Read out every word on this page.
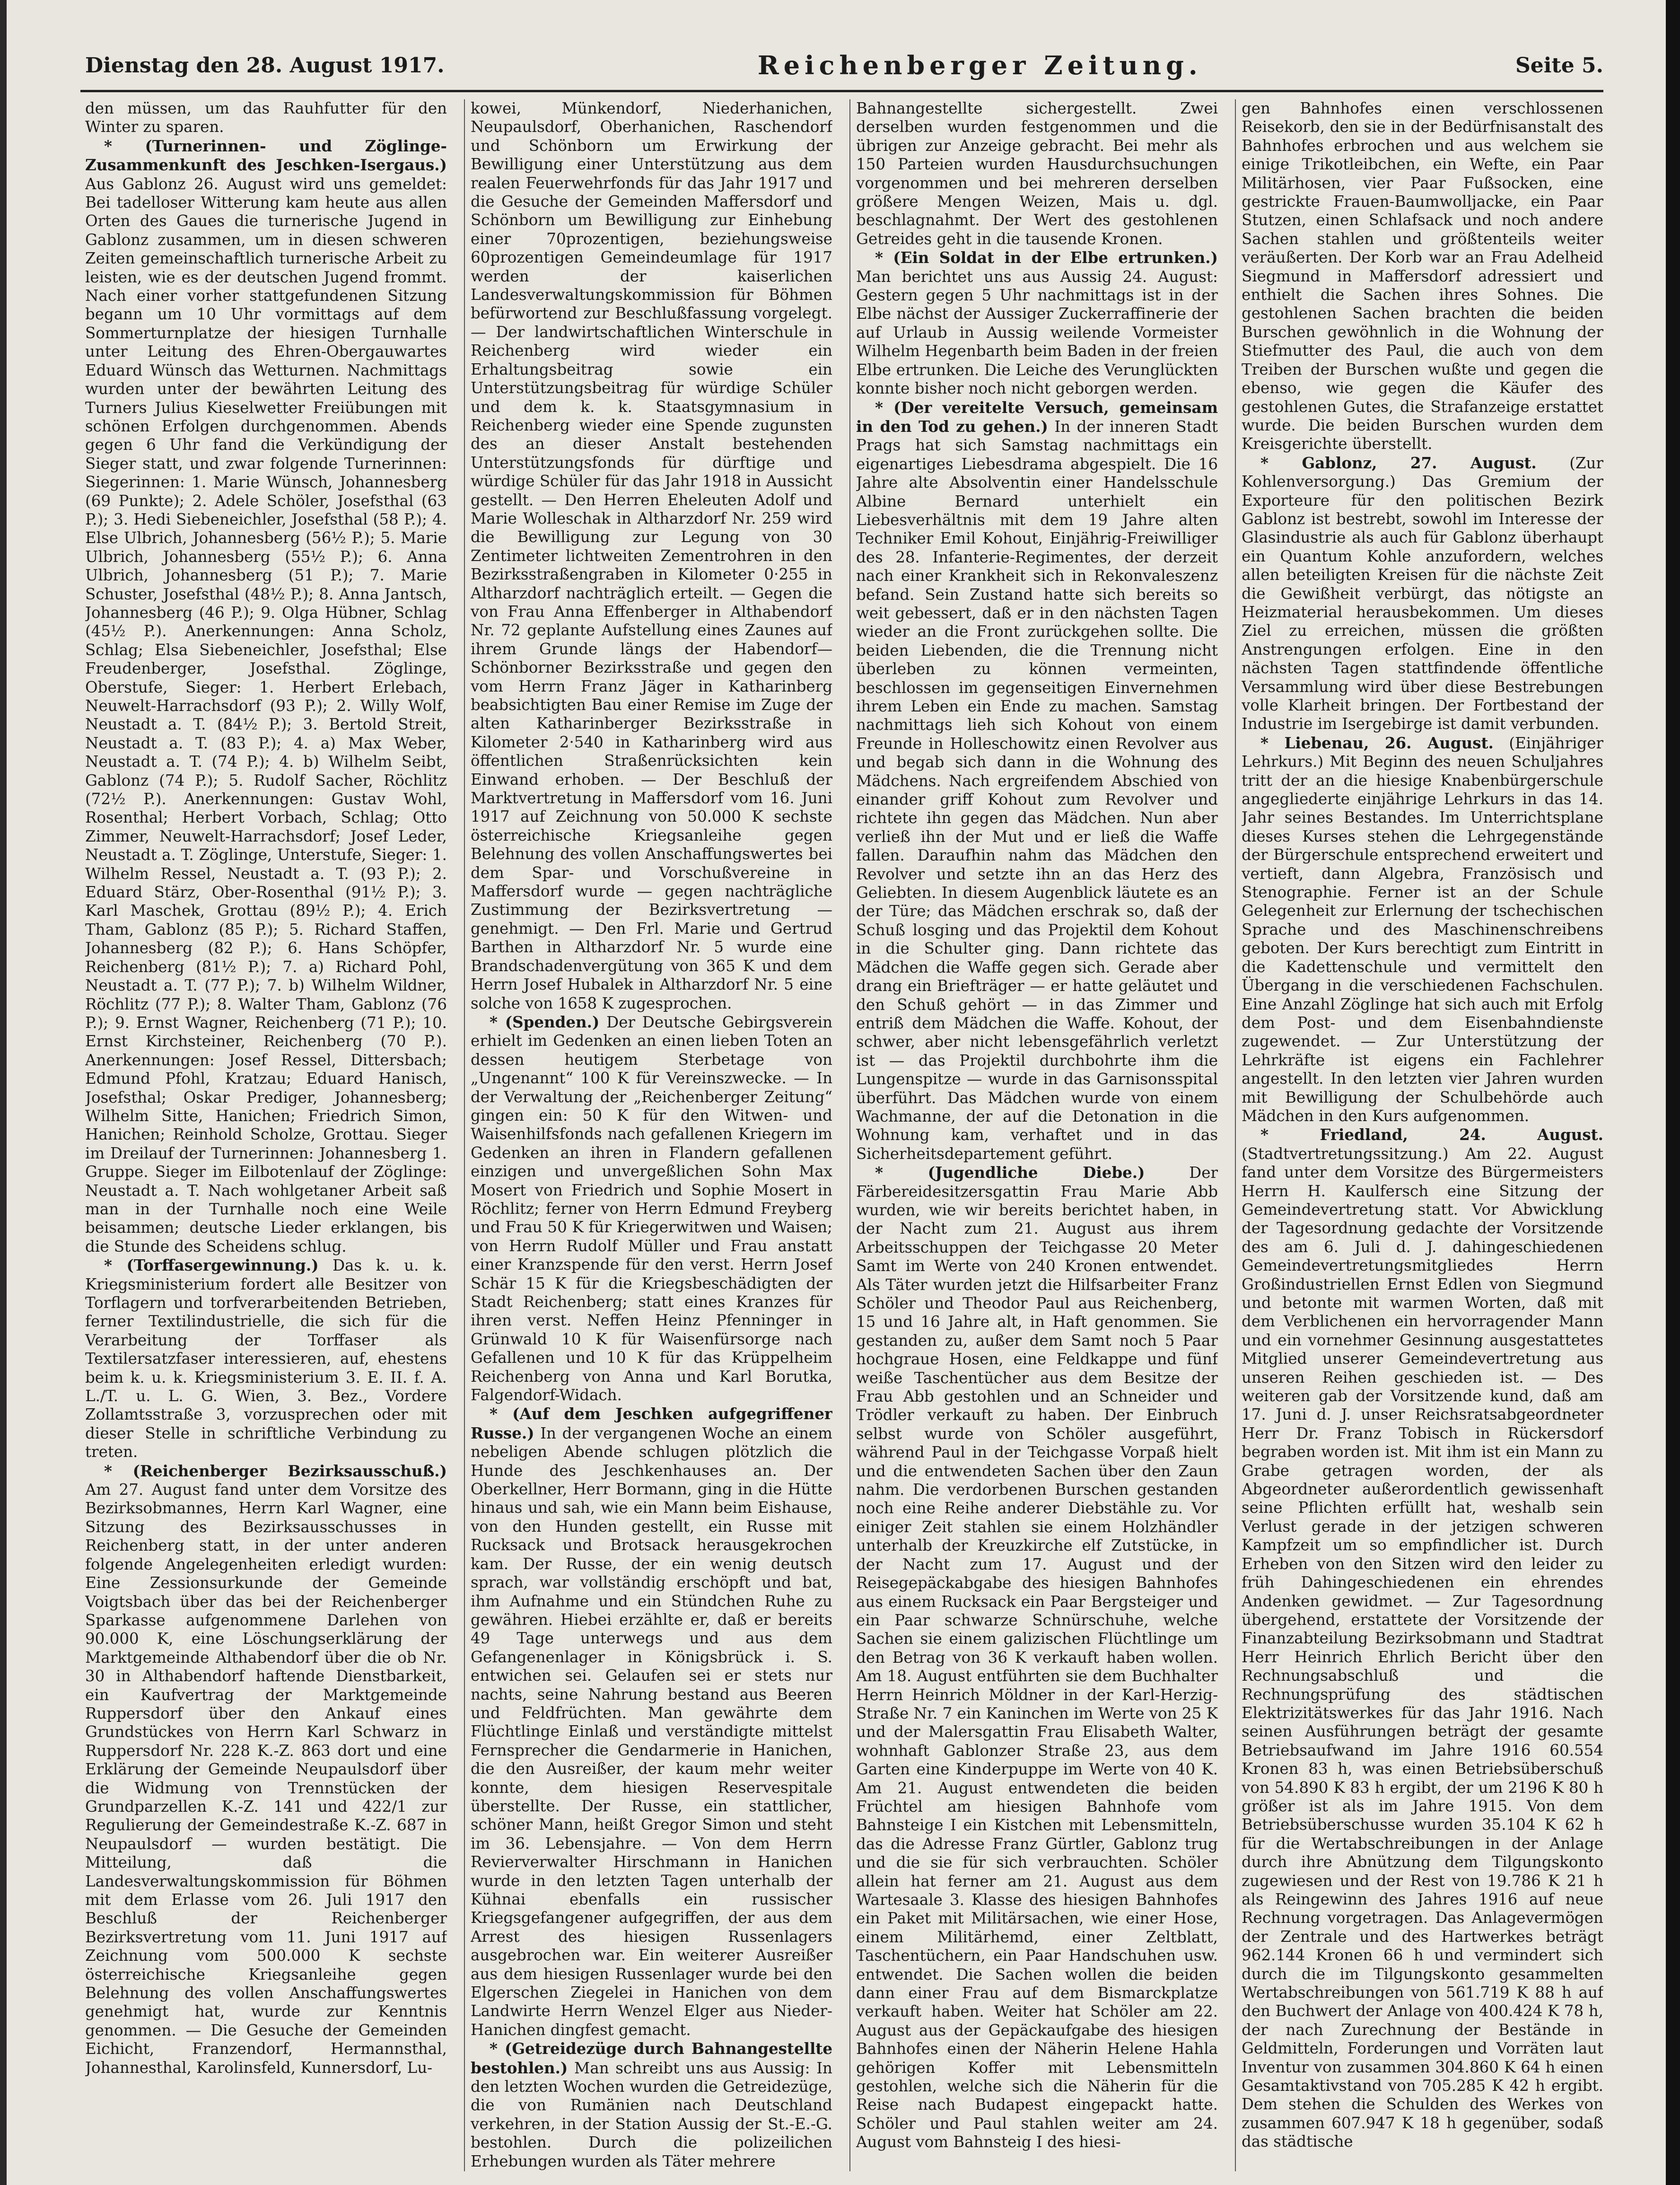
Dienstag den 28. August 1917.	Reichenberger Zeitung.	Seite 5.

den müssen, um das Rauhfutter für den Winter zu sparen.

* (Turnerinnen- und Zöglinge-Zusammenkunft des Jeschken-Isergaus.) Aus Gablonz 26. August wird uns gemeldet: Bei tadelloser Witterung kam heute aus allen Orten des Gaues die turnerische Jugend in Gablonz zusammen, um in diesen schweren Zeiten gemeinschaftlich turnerische Arbeit zu leisten, wie es der deutschen Jugend frommt. Nach einer vorher stattgefundenen Sitzung begann um 10 Uhr vormittags auf dem Sommerturnplatze der hiesigen Turnhalle unter Leitung des Ehren-Obergauwartes Eduard Wünsch das Wetturnen. Nachmittags wurden unter der bewährten Leitung des Turners Julius Kieselwetter Freiübungen mit schönen Erfolgen durchgenommen. Abends gegen 6 Uhr fand die Verkündigung der Sieger statt, und zwar folgende Turnerinnen: Siegerinnen: 1. Marie Wünsch, Johannesberg (69 Punkte); 2. Adele Schöler, Josefsthal (63 P.); 3. Hedi Siebeneichler, Josefsthal (58 P.); 4. Else Ulbrich, Johannesberg (56½ P.); 5. Marie Ulbrich, Johannesberg (55½ P.); 6. Anna Ulbrich, Johannesberg (51 P.); 7. Marie Schuster, Josefsthal (48½ P.); 8. Anna Jantsch, Johannesberg (46 P.); 9. Olga Hübner, Schlag (45½ P.). Anerkennungen: Anna Scholz, Schlag; Elsa Siebeneichler, Josefsthal; Else Freudenberger, Josefsthal. Zöglinge, Oberstufe, Sieger: 1. Herbert Erlebach, Neuwelt-Harrachsdorf (93 P.); 2. Willy Wolf, Neustadt a. T. (84½ P.); 3. Bertold Streit, Neustadt a. T. (83 P.); 4. a) Max Weber, Neustadt a. T. (74 P.); 4. b) Wilhelm Seibt, Gablonz (74 P.); 5. Rudolf Sacher, Röchlitz (72½ P.). Anerkennungen: Gustav Wohl, Rosenthal; Herbert Vorbach, Schlag; Otto Zimmer, Neuwelt-Harrachsdorf; Josef Leder, Neustadt a. T. Zöglinge, Unterstufe, Sieger: 1. Wilhelm Ressel, Neustadt a. T. (93 P.); 2. Eduard Stärz, Ober-Rosenthal (91½ P.); 3. Karl Maschek, Grottau (89½ P.); 4. Erich Tham, Gablonz (85 P.); 5. Richard Staffen, Johannesberg (82 P.); 6. Hans Schöpfer, Reichenberg (81½ P.); 7. a) Richard Pohl, Neustadt a. T. (77 P.); 7. b) Wilhelm Wildner, Röchlitz (77 P.); 8. Walter Tham, Gablonz (76 P.); 9. Ernst Wagner, Reichenberg (71 P.); 10. Ernst Kirchsteiner, Reichenberg (70 P.). Anerkennungen: Josef Ressel, Dittersbach; Edmund Pfohl, Kratzau; Eduard Hanisch, Josefsthal; Oskar Prediger, Johannesberg; Wilhelm Sitte, Hanichen; Friedrich Simon, Hanichen; Reinhold Scholze, Grottau. Sieger im Dreilauf der Turnerinnen: Johannesberg 1. Gruppe. Sieger im Eilbotenlauf der Zöglinge: Neustadt a. T. Nach wohlgetaner Arbeit saß man in der Turnhalle noch eine Weile beisammen; deutsche Lieder erklangen, bis die Stunde des Scheidens schlug.

* (Torffasergewinnung.) Das k. u. k. Kriegsministerium fordert alle Besitzer von Torflagern und torfverarbeitenden Betrieben, ferner Textilindustrielle, die sich für die Verarbeitung der Torffaser als Textilersatzfaser interessieren, auf, ehestens beim k. u. k. Kriegsministerium 3. E. II. f. A. L./T. u. L. G. Wien, 3. Bez., Vordere Zollamtsstraße 3, vorzusprechen oder mit dieser Stelle in schriftliche Verbindung zu treten.

* (Reichenberger Bezirksausschuß.) Am 27. August fand unter dem Vorsitze des Bezirksobmannes, Herrn Karl Wagner, eine Sitzung des Bezirksausschusses in Reichenberg statt, in der unter anderen folgende Angelegenheiten erledigt wurden: Eine Zessionsurkunde der Gemeinde Voigtsbach über das bei der Reichenberger Sparkasse aufgenommene Darlehen von 90.000 K, eine Löschungserklärung der Marktgemeinde Althabendorf über die ob Nr. 30 in Althabendorf haftende Dienstbarkeit, ein Kaufvertrag der Marktgemeinde Ruppersdorf über den Ankauf eines Grundstückes von Herrn Karl Schwarz in Ruppersdorf Nr. 228 K.-Z. 863 dort und eine Erklärung der Gemeinde Neupaulsdorf über die Widmung von Trennstücken der Grundparzellen K.-Z. 141 und 422/1 zur Regulierung der Gemeindestraße K.-Z. 687 in Neupaulsdorf — wurden bestätigt. Die Mitteilung, daß die Landesverwaltungskommission für Böhmen mit dem Erlasse vom 26. Juli 1917 den Beschluß der Reichenberger Bezirksvertretung vom 11. Juni 1917 auf Zeichnung vom 500.000 K sechste österreichische Kriegsanleihe gegen Belehnung des vollen Anschaffungswertes genehmigt hat, wurde zur Kenntnis genommen. — Die Gesuche der Gemeinden Eichicht, Franzendorf, Hermannsthal, Johannesthal, Karolinsfeld, Kunnersdorf, Lu-

kowei, Münkendorf, Niederhanichen, Neupaulsdorf, Oberhanichen, Raschendorf und Schönborn um Erwirkung der Bewilligung einer Unterstützung aus dem realen Feuerwehrfonds für das Jahr 1917 und die Gesuche der Gemeinden Maffersdorf und Schönborn um Bewilligung zur Einhebung einer 70prozentigen, beziehungsweise 60prozentigen Gemeindeumlage für 1917 werden der kaiserlichen Landesverwaltungskommission für Böhmen befürwortend zur Beschlußfassung vorgelegt. — Der landwirtschaftlichen Winterschule in Reichenberg wird wieder ein Erhaltungsbeitrag sowie ein Unterstützungsbeitrag für würdige Schüler und dem k. k. Staatsgymnasium in Reichenberg wieder eine Spende zugunsten des an dieser Anstalt bestehenden Unterstützungsfonds für dürftige und würdige Schüler für das Jahr 1918 in Aussicht gestellt. — Den Herren Eheleuten Adolf und Marie Wolleschak in Altharzdorf Nr. 259 wird die Bewilligung zur Legung von 30 Zentimeter lichtweiten Zementrohren in den Bezirksstraßengraben in Kilometer 0·255 in Altharzdorf nachträglich erteilt. — Gegen die von Frau Anna Effenberger in Althabendorf Nr. 72 geplante Aufstellung eines Zaunes auf ihrem Grunde längs der Habendorf—Schönborner Bezirksstraße und gegen den vom Herrn Franz Jäger in Katharinberg beabsichtigten Bau einer Remise im Zuge der alten Katharinberger Bezirksstraße in Kilometer 2·540 in Katharinberg wird aus öffentlichen Straßenrücksichten kein Einwand erhoben. — Der Beschluß der Marktvertretung in Maffersdorf vom 16. Juni 1917 auf Zeichnung von 50.000 K sechste österreichische Kriegsanleihe gegen Belehnung des vollen Anschaffungswertes bei dem Spar- und Vorschußvereine in Maffersdorf wurde — gegen nachträgliche Zustimmung der Bezirksvertretung — genehmigt. — Den Frl. Marie und Gertrud Barthen in Altharzdorf Nr. 5 wurde eine Brandschadenvergütung von 365 K und dem Herrn Josef Hubalek in Altharzdorf Nr. 5 eine solche von 1658 K zugesprochen.

* (Spenden.) Der Deutsche Gebirgsverein erhielt im Gedenken an einen lieben Toten an dessen heutigem Sterbetage von „Ungenannt“ 100 K für Vereinszwecke. — In der Verwaltung der „Reichenberger Zeitung“ gingen ein: 50 K für den Witwen- und Waisenhilfsfonds nach gefallenen Kriegern im Gedenken an ihren in Flandern gefallenen einzigen und unvergeßlichen Sohn Max Mosert von Friedrich und Sophie Mosert in Röchlitz; ferner von Herrn Edmund Freyberg und Frau 50 K für Kriegerwitwen und Waisen; von Herrn Rudolf Müller und Frau anstatt einer Kranzspende für den verst. Herrn Josef Schär 15 K für die Kriegsbeschädigten der Stadt Reichenberg; statt eines Kranzes für ihren verst. Neffen Heinz Pfenninger in Grünwald 10 K für Waisenfürsorge nach Gefallenen und 10 K für das Krüppelheim Reichenberg von Anna und Karl Borutka, Falgendorf-Widach.

* (Auf dem Jeschken aufgegriffener Russe.) In der vergangenen Woche an einem nebeligen Abende schlugen plötzlich die Hunde des Jeschkenhauses an. Der Oberkellner, Herr Bormann, ging in die Hütte hinaus und sah, wie ein Mann beim Eishause, von den Hunden gestellt, ein Russe mit Rucksack und Brotsack herausgekrochen kam. Der Russe, der ein wenig deutsch sprach, war vollständig erschöpft und bat, ihm Aufnahme und ein Stündchen Ruhe zu gewähren. Hiebei erzählte er, daß er bereits 49 Tage unterwegs und aus dem Gefangenenlager in Königsbrück i. S. entwichen sei. Gelaufen sei er stets nur nachts, seine Nahrung bestand aus Beeren und Feldfrüchten. Man gewährte dem Flüchtlinge Einlaß und verständigte mittelst Fernsprecher die Gendarmerie in Hanichen, die den Ausreißer, der kaum mehr weiter konnte, dem hiesigen Reservespitale überstellte. Der Russe, ein stattlicher, schöner Mann, heißt Gregor Simon und steht im 36. Lebensjahre. — Von dem Herrn Revierverwalter Hirschmann in Hanichen wurde in den letzten Tagen unterhalb der Kühnai ebenfalls ein russischer Kriegsgefangener aufgegriffen, der aus dem Arrest des hiesigen Russenlagers ausgebrochen war. Ein weiterer Ausreißer aus dem hiesigen Russenlager wurde bei den Elgerschen Ziegelei in Hanichen von dem Landwirte Herrn Wenzel Elger aus Nieder-Hanichen dingfest gemacht.

* (Getreidezüge durch Bahnangestellte bestohlen.) Man schreibt uns aus Aussig: In den letzten Wochen wurden die Getreidezüge, die von Rumänien nach Deutschland verkehren, in der Station Aussig der St.-E.-G. bestohlen. Durch die polizeilichen Erhebungen wurden als Täter mehrere

Bahnangestellte sichergestellt. Zwei derselben wurden festgenommen und die übrigen zur Anzeige gebracht. Bei mehr als 150 Parteien wurden Hausdurchsuchungen vorgenommen und bei mehreren derselben größere Mengen Weizen, Mais u. dgl. beschlagnahmt. Der Wert des gestohlenen Getreides geht in die tausende Kronen.

* (Ein Soldat in der Elbe ertrunken.) Man berichtet uns aus Aussig 24. August: Gestern gegen 5 Uhr nachmittags ist in der Elbe nächst der Aussiger Zuckerraffinerie der auf Urlaub in Aussig weilende Vormeister Wilhelm Hegenbarth beim Baden in der freien Elbe ertrunken. Die Leiche des Verunglückten konnte bisher noch nicht geborgen werden.

* (Der vereitelte Versuch, gemeinsam in den Tod zu gehen.) In der inneren Stadt Prags hat sich Samstag nachmittags ein eigenartiges Liebesdrama abgespielt. Die 16 Jahre alte Absolventin einer Handelsschule Albine Bernard unterhielt ein Liebesverhältnis mit dem 19 Jahre alten Techniker Emil Kohout, Einjährig-Freiwilliger des 28. Infanterie-Regimentes, der derzeit nach einer Krankheit sich in Rekonvaleszenz befand. Sein Zustand hatte sich bereits so weit gebessert, daß er in den nächsten Tagen wieder an die Front zurückgehen sollte. Die beiden Liebenden, die die Trennung nicht überleben zu können vermeinten, beschlossen im gegenseitigen Einvernehmen ihrem Leben ein Ende zu machen. Samstag nachmittags lieh sich Kohout von einem Freunde in Holleschowitz einen Revolver aus und begab sich dann in die Wohnung des Mädchens. Nach ergreifendem Abschied von einander griff Kohout zum Revolver und richtete ihn gegen das Mädchen. Nun aber verließ ihn der Mut und er ließ die Waffe fallen. Daraufhin nahm das Mädchen den Revolver und setzte ihn an das Herz des Geliebten. In diesem Augenblick läutete es an der Türe; das Mädchen erschrak so, daß der Schuß losging und das Projektil dem Kohout in die Schulter ging. Dann richtete das Mädchen die Waffe gegen sich. Gerade aber drang ein Briefträger — er hatte geläutet und den Schuß gehört — in das Zimmer und entriß dem Mädchen die Waffe. Kohout, der schwer, aber nicht lebensgefährlich verletzt ist — das Projektil durchbohrte ihm die Lungenspitze — wurde in das Garnisonsspital überführt. Das Mädchen wurde von einem Wachmanne, der auf die Detonation in die Wohnung kam, verhaftet und in das Sicherheitsdepartement geführt.

* (Jugendliche Diebe.)	Der Färbereidesitzersgattin Frau Marie Abb wurden, wie wir bereits berichtet haben, in der Nacht zum 21. August aus ihrem Arbeitsschuppen der Teichgasse 20 Meter Samt im Werte von 240 Kronen entwendet. Als Täter wurden jetzt die Hilfsarbeiter Franz Schöler und Theodor Paul aus Reichenberg, 15 und 16 Jahre alt, in Haft genommen. Sie gestanden zu, außer dem Samt noch 5 Paar hochgraue Hosen, eine Feldkappe und fünf weiße Taschentücher aus dem Besitze der Frau Abb gestohlen und an Schneider und Trödler verkauft zu haben. Der Einbruch selbst wurde von Schöler ausgeführt, während Paul in der Teichgasse Vorpaß hielt und die entwendeten Sachen über den Zaun nahm. Die verdorbenen Burschen gestanden noch eine Reihe anderer Diebstähle zu. Vor einiger Zeit stahlen sie einem Holzhändler unterhalb der Kreuzkirche elf Zutstücke, in der Nacht zum 17. August und der Reisegepäckabgabe des hiesigen Bahnhofes aus einem Rucksack ein Paar Bergsteiger und ein Paar schwarze Schnürschuhe, welche Sachen sie einem galizischen Flüchtlinge um den Betrag von 36 K verkauft haben wollen. Am 18. August entführten sie dem Buchhalter Herrn Heinrich Möldner in der Karl-Herzig-Straße Nr. 7 ein Kaninchen im Werte von 25 K und der Malersgattin Frau Elisabeth Walter, wohnhaft Gablonzer Straße 23, aus dem Garten eine Kinderpuppe im Werte von 40 K. Am 21. August entwendeten die beiden Früchtel am hiesigen Bahnhofe vom Bahnsteige I ein Kistchen mit Lebensmitteln, das die Adresse Franz Gürtler, Gablonz trug und die sie für sich verbrauchten. Schöler allein hat ferner am 21. August aus dem Wartesaale 3. Klasse des hiesigen Bahnhofes ein Paket mit Militärsachen, wie einer Hose, einem Militärhemd, einer Zeltblatt, Taschentüchern, ein Paar Handschuhen usw. entwendet. Die Sachen wollen die beiden dann einer Frau auf dem Bismarckplatze verkauft haben. Weiter hat Schöler am 22. August aus der Gepäckaufgabe des hiesigen Bahnhofes einen der Näherin Helene Hahla gehörigen Koffer mit Lebensmitteln gestohlen, welche sich die Näherin für die Reise nach Budapest eingepackt hatte. Schöler und Paul stahlen weiter am 24. August vom Bahnsteig I des hiesi-

gen Bahnhofes einen verschlossenen Reisekorb, den sie in der Bedürfnisanstalt des Bahnhofes erbrochen und aus welchem sie einige Trikotleibchen, ein Wefte, ein Paar Militärhosen, vier Paar Fußsocken, eine gestrickte Frauen-Baumwolljacke, ein Paar Stutzen, einen Schlafsack und noch andere Sachen stahlen und größtenteils weiter veräußerten. Der Korb war an Frau Adelheid Siegmund in Maffersdorf adressiert und enthielt die Sachen ihres Sohnes. Die gestohlenen Sachen brachten die beiden Burschen gewöhnlich in die Wohnung der Stiefmutter des Paul, die auch von dem Treiben der Burschen wußte und gegen die ebenso, wie gegen die Käufer des gestohlenen Gutes, die Strafanzeige erstattet wurde. Die beiden Burschen wurden dem Kreisgerichte überstellt.

* Gablonz, 27. August. (Zur Kohlenversorgung.) Das Gremium der Exporteure für den politischen Bezirk Gablonz ist bestrebt, sowohl im Interesse der Glasindustrie als auch für Gablonz überhaupt ein Quantum Kohle anzufordern, welches allen beteiligten Kreisen für die nächste Zeit die Gewißheit verbürgt, das nötigste an Heizmaterial herausbekommen. Um dieses Ziel zu erreichen, müssen die größten Anstrengungen erfolgen. Eine in den nächsten Tagen stattfindende öffentliche Versammlung wird über diese Bestrebungen volle Klarheit bringen. Der Fortbestand der Industrie im Isergebirge ist damit verbunden.

* Liebenau, 26. August. (Einjähriger Lehrkurs.) Mit Beginn des neuen Schuljahres tritt der an die hiesige Knabenbürgerschule angegliederte einjährige Lehrkurs in das 14. Jahr seines Bestandes. Im Unterrichtsplane dieses Kurses stehen die Lehrgegenstände der Bürgerschule entsprechend erweitert und vertieft, dann Algebra, Französisch und Stenographie. Ferner ist an der Schule Gelegenheit zur Erlernung der tschechischen Sprache und des Maschinenschreibens geboten. Der Kurs berechtigt zum Eintritt in die Kadettenschule und vermittelt den Übergang in die verschiedenen Fachschulen. Eine Anzahl Zöglinge hat sich auch mit Erfolg dem Post- und dem Eisenbahndienste zugewendet. — Zur Unterstützung der Lehrkräfte ist eigens ein Fachlehrer angestellt. In den letzten vier Jahren wurden mit Bewilligung der Schulbehörde auch Mädchen in den Kurs aufgenommen.

* Friedland, 24. August. (Stadtvertretungssitzung.) Am 22. August fand unter dem Vorsitze des Bürgermeisters Herrn H. Kaulfersch eine Sitzung der Gemeindevertretung statt. Vor Abwicklung der Tagesordnung gedachte der Vorsitzende des am 6. Juli d. J. dahingeschiedenen Gemeindevertretungsmitgliedes Herrn Großindustriellen Ernst Edlen von Siegmund und betonte mit warmen Worten, daß mit dem Verblichenen ein hervorragender Mann und ein vornehmer Gesinnung ausgestattetes Mitglied unserer Gemeindevertretung aus unseren Reihen geschieden ist. — Des weiteren gab der Vorsitzende kund, daß am 17. Juni d. J. unser Reichsratsabgeordneter Herr Dr. Franz Tobisch in Rückersdorf begraben worden ist. Mit ihm ist ein Mann zu Grabe getragen worden, der als Abgeordneter außerordentlich gewissenhaft seine Pflichten erfüllt hat, weshalb sein Verlust gerade in der jetzigen schweren Kampfzeit um so empfindlicher ist. Durch Erheben von den Sitzen wird den leider zu früh Dahingeschiedenen ein ehrendes Andenken gewidmet. — Zur Tagesordnung übergehend, erstattete der Vorsitzende der Finanzabteilung Bezirksobmann und Stadtrat Herr Heinrich Ehrlich Bericht über den Rechnungsabschluß und die Rechnungsprüfung des städtischen Elektrizitätswerkes für das Jahr 1916. Nach seinen Ausführungen beträgt der gesamte Betriebsaufwand im Jahre 1916 60.554 Kronen 83 h, was einen Betriebsüberschuß von 54.890 K 83 h ergibt, der um 2196 K 80 h größer ist als im Jahre 1915. Von dem Betriebsüberschusse wurden 35.104 K 62 h für die Wertabschreibungen in der Anlage durch ihre Abnützung dem Tilgungskonto zugewiesen und der Rest von 19.786 K 21 h als Reingewinn des Jahres 1916 auf neue Rechnung vorgetragen. Das Anlagevermögen der Zentrale und des Hartwerkes beträgt 962.144 Kronen 66 h und vermindert sich durch die im Tilgungskonto gesammelten Wertabschreibungen von 561.719 K 88 h auf den Buchwert der Anlage von 400.424 K 78 h, der nach Zurechnung der Bestände in Geldmitteln, Forderungen und Vorräten laut Inventur von zusammen 304.860 K 64 h einen Gesamtaktivstand von 705.285 K 42 h ergibt. Dem stehen die Schulden des Werkes von zusammen 607.947 K 18 h gegenüber, sodaß das städtische
